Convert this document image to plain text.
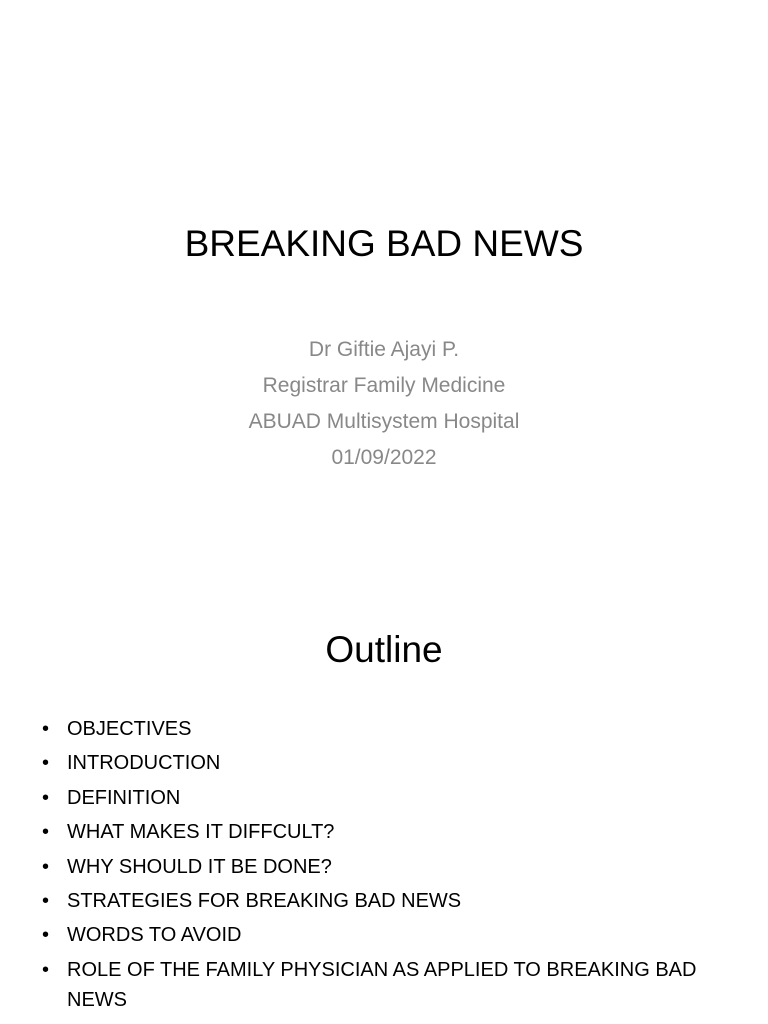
BREAKING BAD NEWS
Dr Giftie Ajayi P.
Registrar Family Medicine
ABUAD Multisystem Hospital
01/09/2022
Outline
• OBJECTIVES
• INTRODUCTION
• DEFINITION
• WHAT MAKES IT DIFFCULT?
• WHY SHOULD IT BE DONE?
• STRATEGIES FOR BREAKING BAD NEWS
• WORDS TO AVOID
• ROLE OF THE FAMILY PHYSICIAN AS APPLIED TO BREAKING BAD NEWS
